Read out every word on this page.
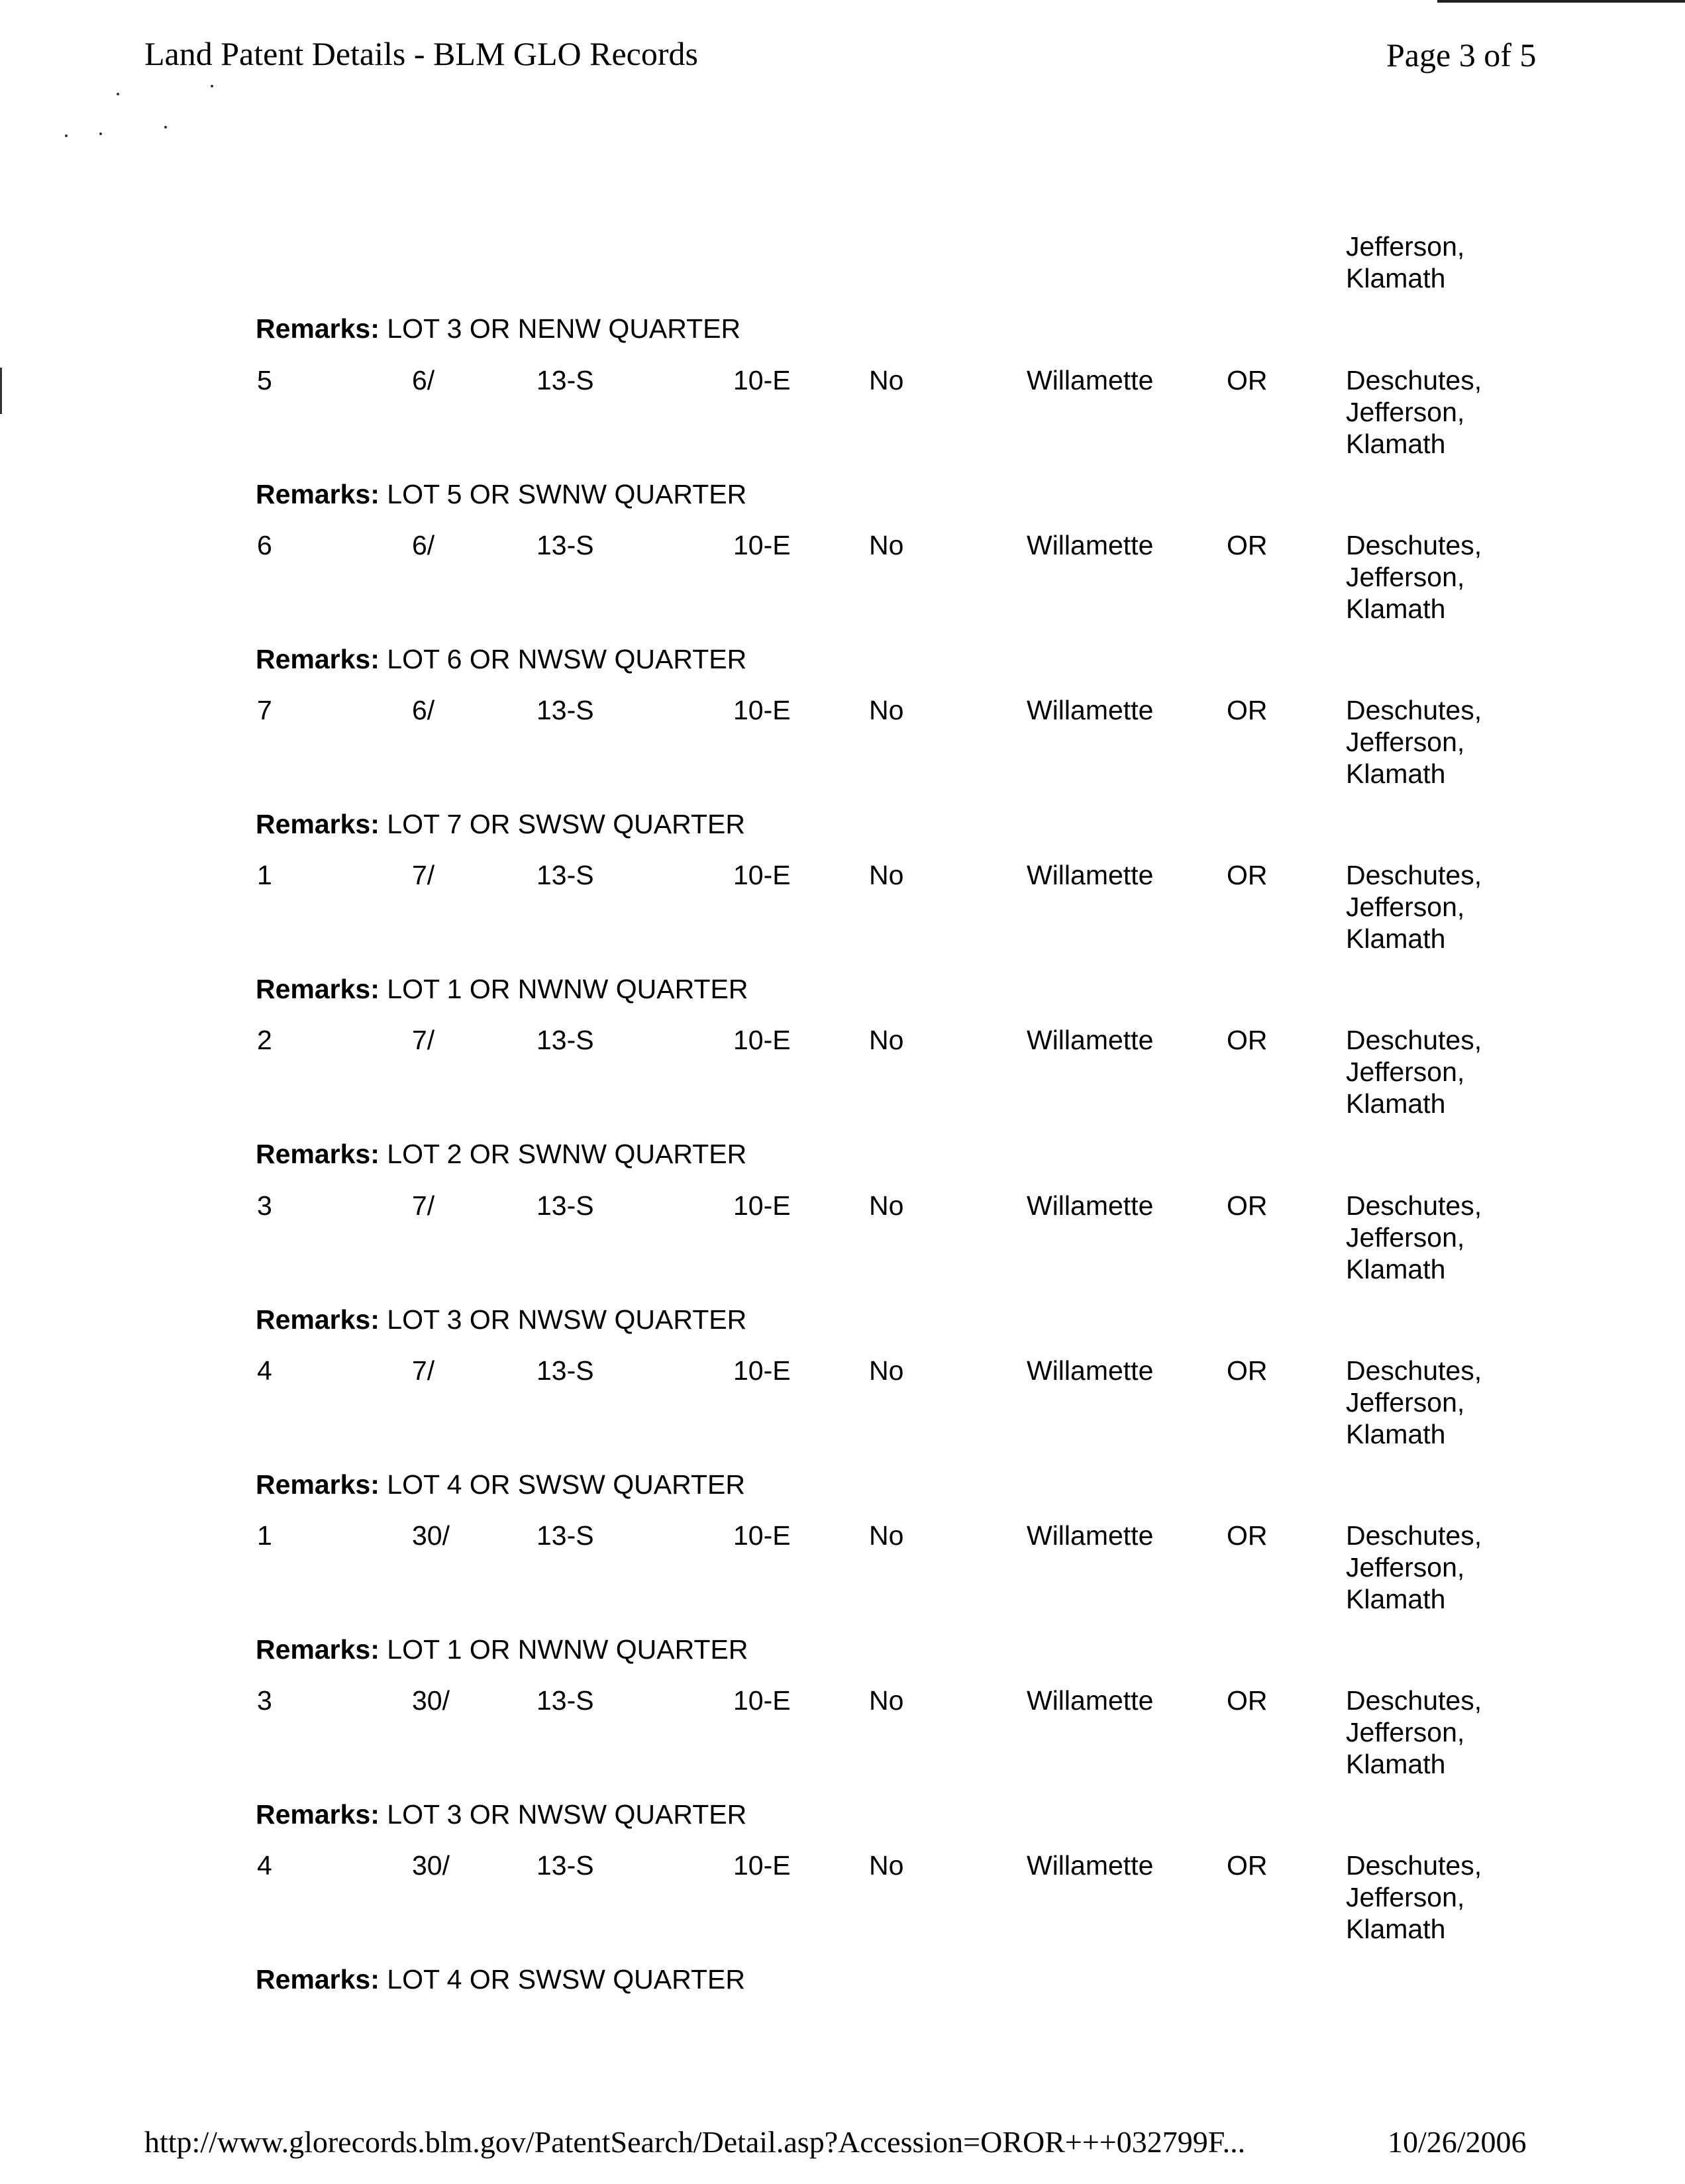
Land Patent Details - BLM GLO Records	Page 3 of 5
Jefferson,
Klamath
Remarks: LOT 3 OR NENW QUARTER
5	6/	13-S	10-E	No	Willamette	OR	Deschutes,
Jefferson,
Klamath
Remarks: LOT 5 OR SWNW QUARTER
6	6/	13-S	10-E	No	Willamette	OR	Deschutes,
Jefferson,
Klamath
Remarks: LOT 6 OR NWSW QUARTER
7	6/	13-S	10-E	No	Willamette	OR	Deschutes,
Jefferson,
Klamath
Remarks: LOT 7 OR SWSW QUARTER
1	7/	13-S	10-E	No	Willamette	OR	Deschutes,
Jefferson,
Klamath
Remarks: LOT 1 OR NWNW QUARTER
2	7/	13-S	10-E	No	Willamette	OR	Deschutes,
Jefferson,
Klamath
Remarks: LOT 2 OR SWNW QUARTER
3	7/	13-S	10-E	No	Willamette	OR	Deschutes,
Jefferson,
Klamath
Remarks: LOT 3 OR NWSW QUARTER
4	7/	13-S	10-E	No	Willamette	OR	Deschutes,
Jefferson,
Klamath
Remarks: LOT 4 OR SWSW QUARTER
1	30/	13-S	10-E	No	Willamette	OR	Deschutes,
Jefferson,
Klamath
Remarks: LOT 1 OR NWNW QUARTER
3	30/	13-S	10-E	No	Willamette	OR	Deschutes,
Jefferson,
Klamath
Remarks: LOT 3 OR NWSW QUARTER
4	30/	13-S	10-E	No	Willamette	OR	Deschutes,
Jefferson,
Klamath
Remarks: LOT 4 OR SWSW QUARTER
http://www.glorecords.blm.gov/PatentSearch/Detail.asp?Accession=OROR+++032799F...	10/26/2006
